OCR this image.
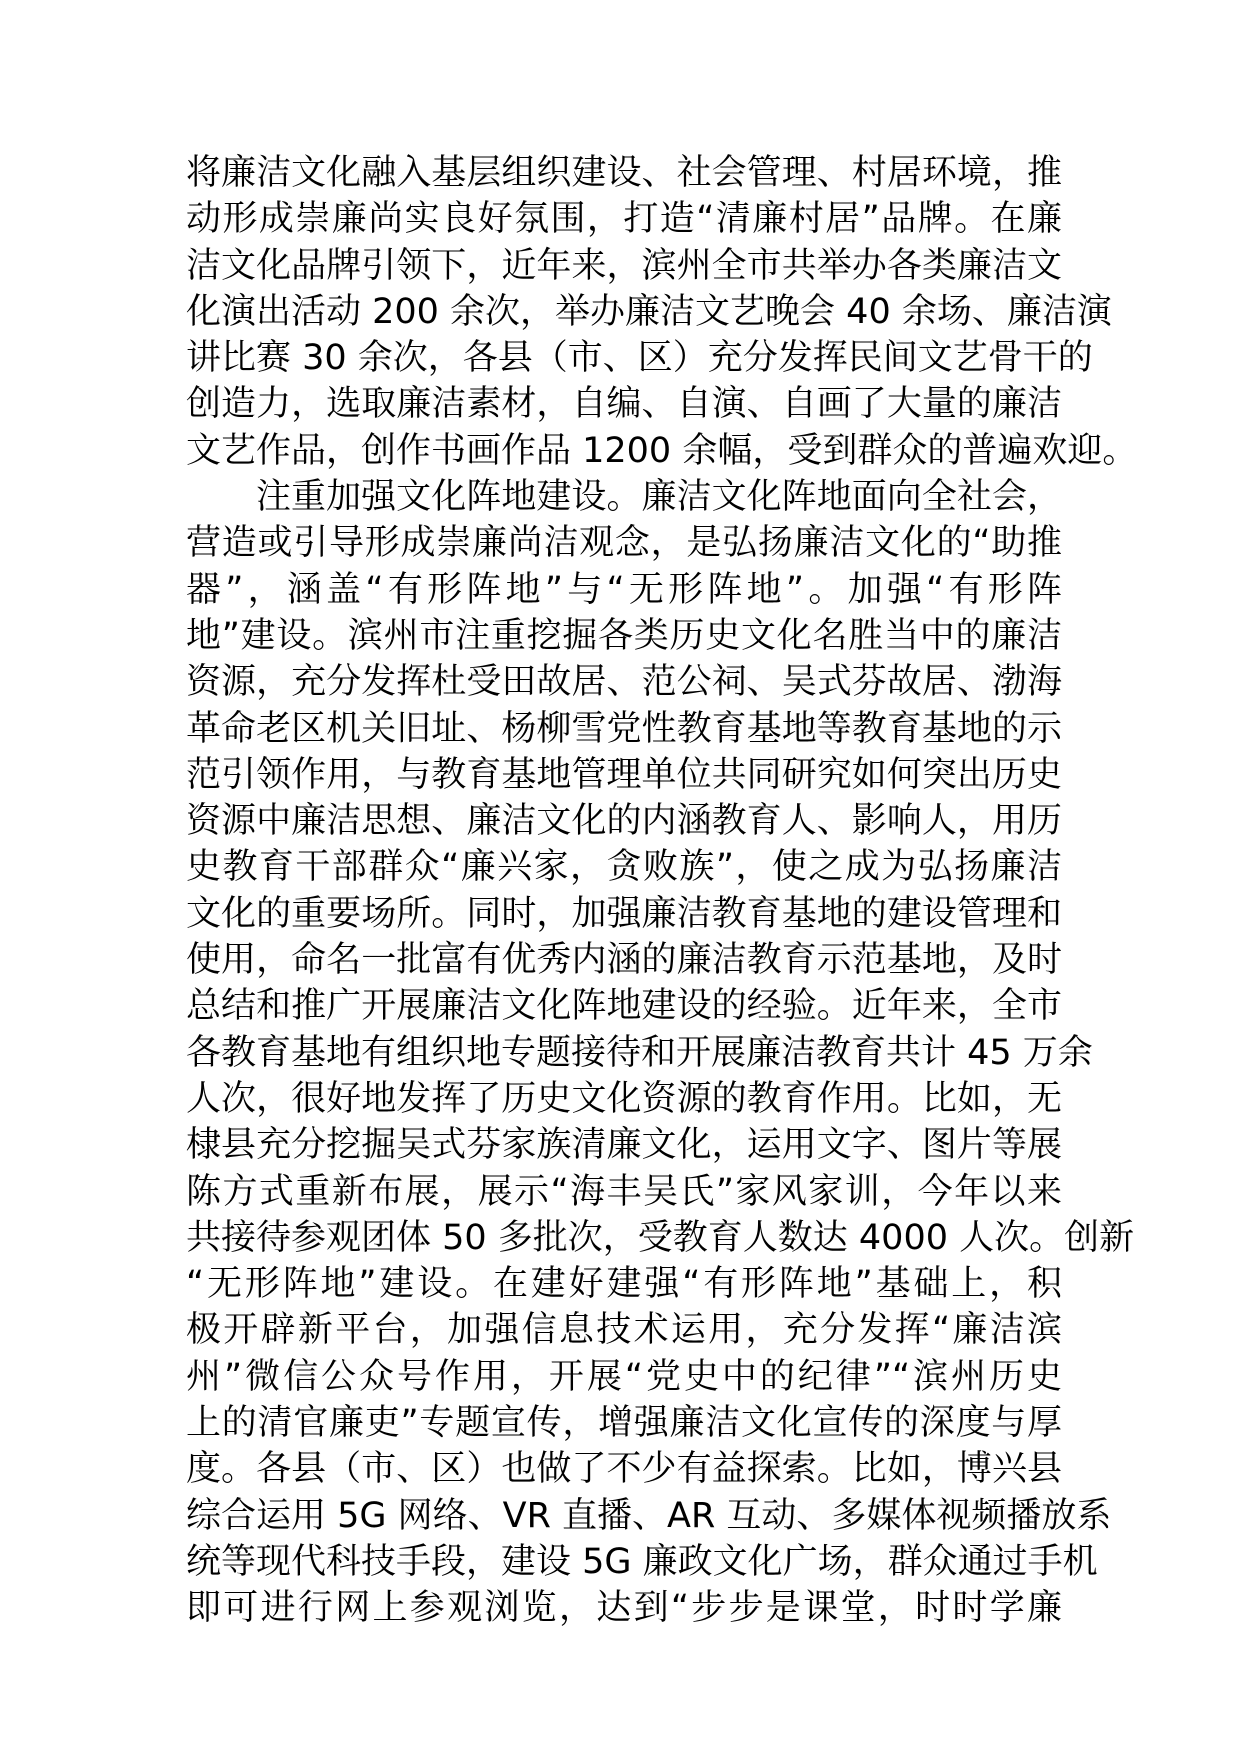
将廉洁文化融入基层组织建设、社会管理、村居环境，推
动形成崇廉尚实良好氛围，打造“清廉村居”品牌。在廉
洁文化品牌引领下，近年来，滨州全市共举办各类廉洁文
化演出活动 200 余次，举办廉洁文艺晚会 40 余场、廉洁演
讲比赛 30 余次，各县（市、区）充分发挥民间文艺骨干的
创造力，选取廉洁素材，自编、自演、自画了大量的廉洁
文艺作品，创作书画作品 1200 余幅，受到群众的普遍欢迎。
注重加强文化阵地建设。廉洁文化阵地面向全社会，
营造或引导形成崇廉尚洁观念，是弘扬廉洁文化的“助推
器”，涵盖“有形阵地”与“无形阵地”。加强“有形阵
地”建设。滨州市注重挖掘各类历史文化名胜当中的廉洁
资源，充分发挥杜受田故居、范公祠、吴式芬故居、渤海
革命老区机关旧址、杨柳雪党性教育基地等教育基地的示
范引领作用，与教育基地管理单位共同研究如何突出历史
资源中廉洁思想、廉洁文化的内涵教育人、影响人，用历
史教育干部群众“廉兴家，贪败族”，使之成为弘扬廉洁
文化的重要场所。同时，加强廉洁教育基地的建设管理和
使用，命名一批富有优秀内涵的廉洁教育示范基地，及时
总结和推广开展廉洁文化阵地建设的经验。近年来，全市
各教育基地有组织地专题接待和开展廉洁教育共计 45 万余
人次，很好地发挥了历史文化资源的教育作用。比如，无
棣县充分挖掘吴式芬家族清廉文化，运用文字、图片等展
陈方式重新布展，展示“海丰吴氏”家风家训，今年以来
共接待参观团体 50 多批次，受教育人数达 4000 人次。创新
“无形阵地”建设。在建好建强“有形阵地”基础上，积
极开辟新平台，加强信息技术运用，充分发挥“廉洁滨
州”微信公众号作用，开展“党史中的纪律”“滨州历史
上的清官廉吏”专题宣传，增强廉洁文化宣传的深度与厚
度。各县（市、区）也做了不少有益探索。比如，博兴县
综合运用 5G 网络、VR 直播、AR 互动、多媒体视频播放系
统等现代科技手段，建设 5G 廉政文化广场，群众通过手机
即可进行网上参观浏览，达到“步步是课堂，时时学廉
